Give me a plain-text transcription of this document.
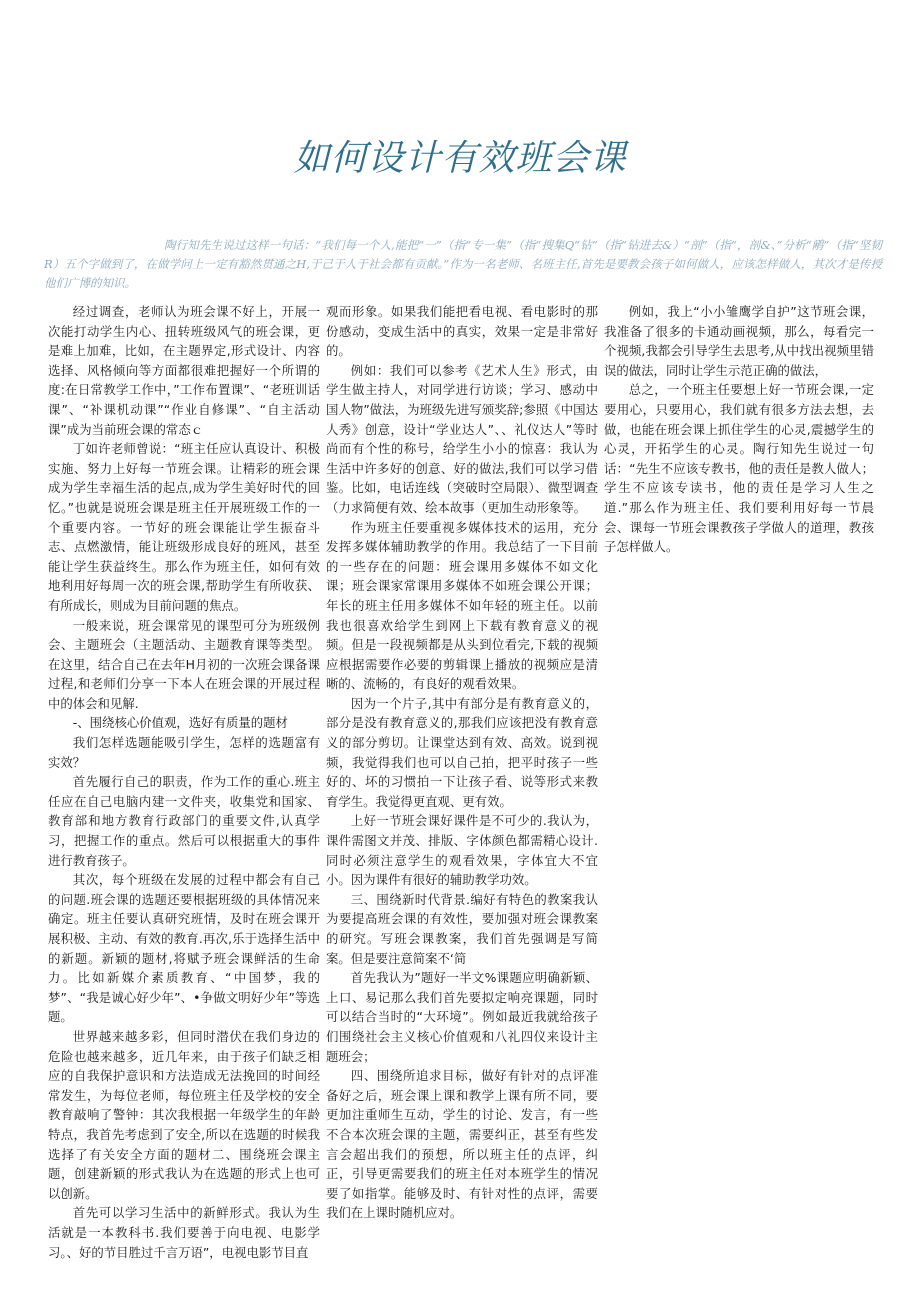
如何设计有效班会课

陶行知先生说过这样一句话：“我们每一个人,能把“一”（指“专一集”（指“搜集Q“钻”（指“钻进去&）“剖”（指“，剖&、”分析“鹇”（指“坚韧R）五个字做到了，在做学问上一定有豁然贯通之H,于己于人于社会都有贡献。”作为一名老师、名班主任,首先是要教会孩子如何做人，应该怎样做人，其次才是传授他们广博的知识。

经过调查，老师认为班会课不好上，开展一次能打动学生内心、扭转班级风气的班会课，更是难上加难，比如，在主题界定,形式设计、内容选择、风格倾向等方面都很难把握好一个所谓的度:在日常教学工作中，”工作布置课”、“老班训话课”、“补课机动课”“作业自修课”、“自主活动课”成为当前班会课的常态ｃ

丁如许老师曾说：“班主任应认真设计、积极实施、努力上好每一节班会课。让精彩的班会课成为学生幸福生活的起点,成为学生美好时代的回忆。”也就是说班会课是班主任开展班级工作的一个重要内容。一节好的班会课能让学生振奋斗志、点燃激情，能让班级形成良好的班风，甚至能让学生获益终生。那么作为班主任，如何有效地利用好每周一次的班会课,帮助学生有所收获、有所成长，则成为目前问题的焦点。

一般来说，班会课常见的课型可分为班级例会、主题班会（主题活动、主题教育课等类型。在这里，结合自己在去年H月初的一次班会课备课过程,和老师们分享一下本人在班会课的开展过程中的体会和见解.

-、围绕核心价值观，选好有质量的题材

我们怎样选题能吸引学生，怎样的选题富有实效？

首先履行自己的职责，作为工作的重心.班主任应在自己电脑内建一文件夹，收集党和国家、教育部和地方教育行政部门的重要文件,认真学习，把握工作的重点。然后可以根据重大的事件进行教育孩子。

其次，每个班级在发展的过程中都会有自己的问题.班会课的选题还要根据班级的具体情况来确定。班主任要认真研究班情，及时在班会课开展积极、主动、有效的教育.再次,乐于选择生活中的新题。新颖的题材,将赋予班会课鲜活的生命力。比如新媒介素质教育、“中国梦，我的梦”、“我是诚心好少年”、•争做文明好少年”等选题。

世界越来越多彩，但同时潜伏在我们身边的危险也越来越多，近几年来，由于孩子们缺乏相应的自我保护意识和方法造成无法挽回的时间经常发生，为每位老师，每位班主任及学校的安全教育敲响了警钟：其次我根据一年级学生的年龄特点，我首先考虑到了安全,所以在选题的时候我选择了有关安全方面的题材二、围绕班会课主题，创建新颖的形式我认为在选题的形式上也可以创新。

首先可以学习生活中的新鲜形式。我认为生活就是一本教科书.我们要善于向电视、电影学习。、好的节目胜过千言万语”，电视电影节目直

观而形象。如果我们能把看电视、看电影时的那份感动，变成生活中的真实，效果一定是非常好的。

例如：我们可以参考《艺术人生》形式，由学生做主持人，对同学进行访谈；学习、感动中国人物”做法，为班级先进写颁奖辞;参照《中国达人秀》创意，设计“学业达人”、、礼仪达人”等时尚而有个性的称号，给学生小小的惊喜：我认为生活中许多好的创意、好的做法,我们可以学习借鉴。比如，电话连线（突破时空局限）、微型调查（力求简便有效、绘本故事（更加生动形象等。

作为班主任要重视多媒体技术的运用，充分发挥多媒体辅助教学的作用。我总结了一下目前的一些存在的问题：班会课用多媒体不如文化课；班会课家常课用多媒体不如班会课公开课；年长的班主任用多媒体不如年轻的班主任。以前我也很喜欢给学生到网上下载有教育意义的视频。但是一段视频都是从头到位看完,下载的视频应根据需要作必要的剪辑课上播放的视频应是清晰的、流畅的，有良好的观看效果。

因为一个片子,其中有部分是有教育意义的，部分是没有教育意义的,那我们应该把没有教育意义的部分剪切。让课堂达到有效、高效。说到视频，我觉得我们也可以自己拍，把平时孩子一些好的、坏的习惯拍一下让孩子看、说等形式来教育学生。我觉得更直观、更有效。

上好一节班会课好课件是不可少的.我认为，课件需图文并茂、排版、字体颜色都需精心设计.同时必须注意学生的观看效果，字体宜大不宜小。因为课件有很好的辅助教学功效。

三、围绕新时代背景.编好有特色的教案我认为要提高班会课的有效性，要加强对班会课教案的研究。写班会课教案，我们首先强调是写简案。但是要注意简案不‘简

首先我认为”题好一半文%课题应明确新颖、上口、易记那么我们首先要拟定响亮课题，同时可以结合当时的“大环境”。例如最近我就给孩子们围绕社会主义核心价值观和八礼四仪来设计主题班会；

四、围绕所追求目标，做好有针对的点评准备好之后，班会课上课和教学上课有所不同，要更加注重师生互动，学生的讨论、发言，有一些不合本次班会课的主题，需要纠正，甚至有些发言会超出我们的预想，所以班主任的点评，纠正，引导更需要我们的班主任对本班学生的情况要了如指掌。能够及时、有针对性的点评，需要我们在上课时随机应对。

例如，我上“小小雏鹰学自护”这节班会课，我准备了很多的卡通动画视频，那么，每看完一个视频,我都会引导学生去思考,从中找出视频里错误的做法，同时让学生示范正确的做法，

总之，一个班主任要想上好一节班会课,一定要用心，只要用心，我们就有很多方法去想，去做，也能在班会课上抓住学生的心灵,震撼学生的心灵，开拓学生的心灵。陶行知先生说过一句话：“先生不应该专教书，他的责任是教人做人；学生不应该专读书，他的责任是学习人生之道.”那么作为班主任、我们要利用好每一节晨会、课每一节班会课教孩子学做人的道理，教孩子怎样做人。
